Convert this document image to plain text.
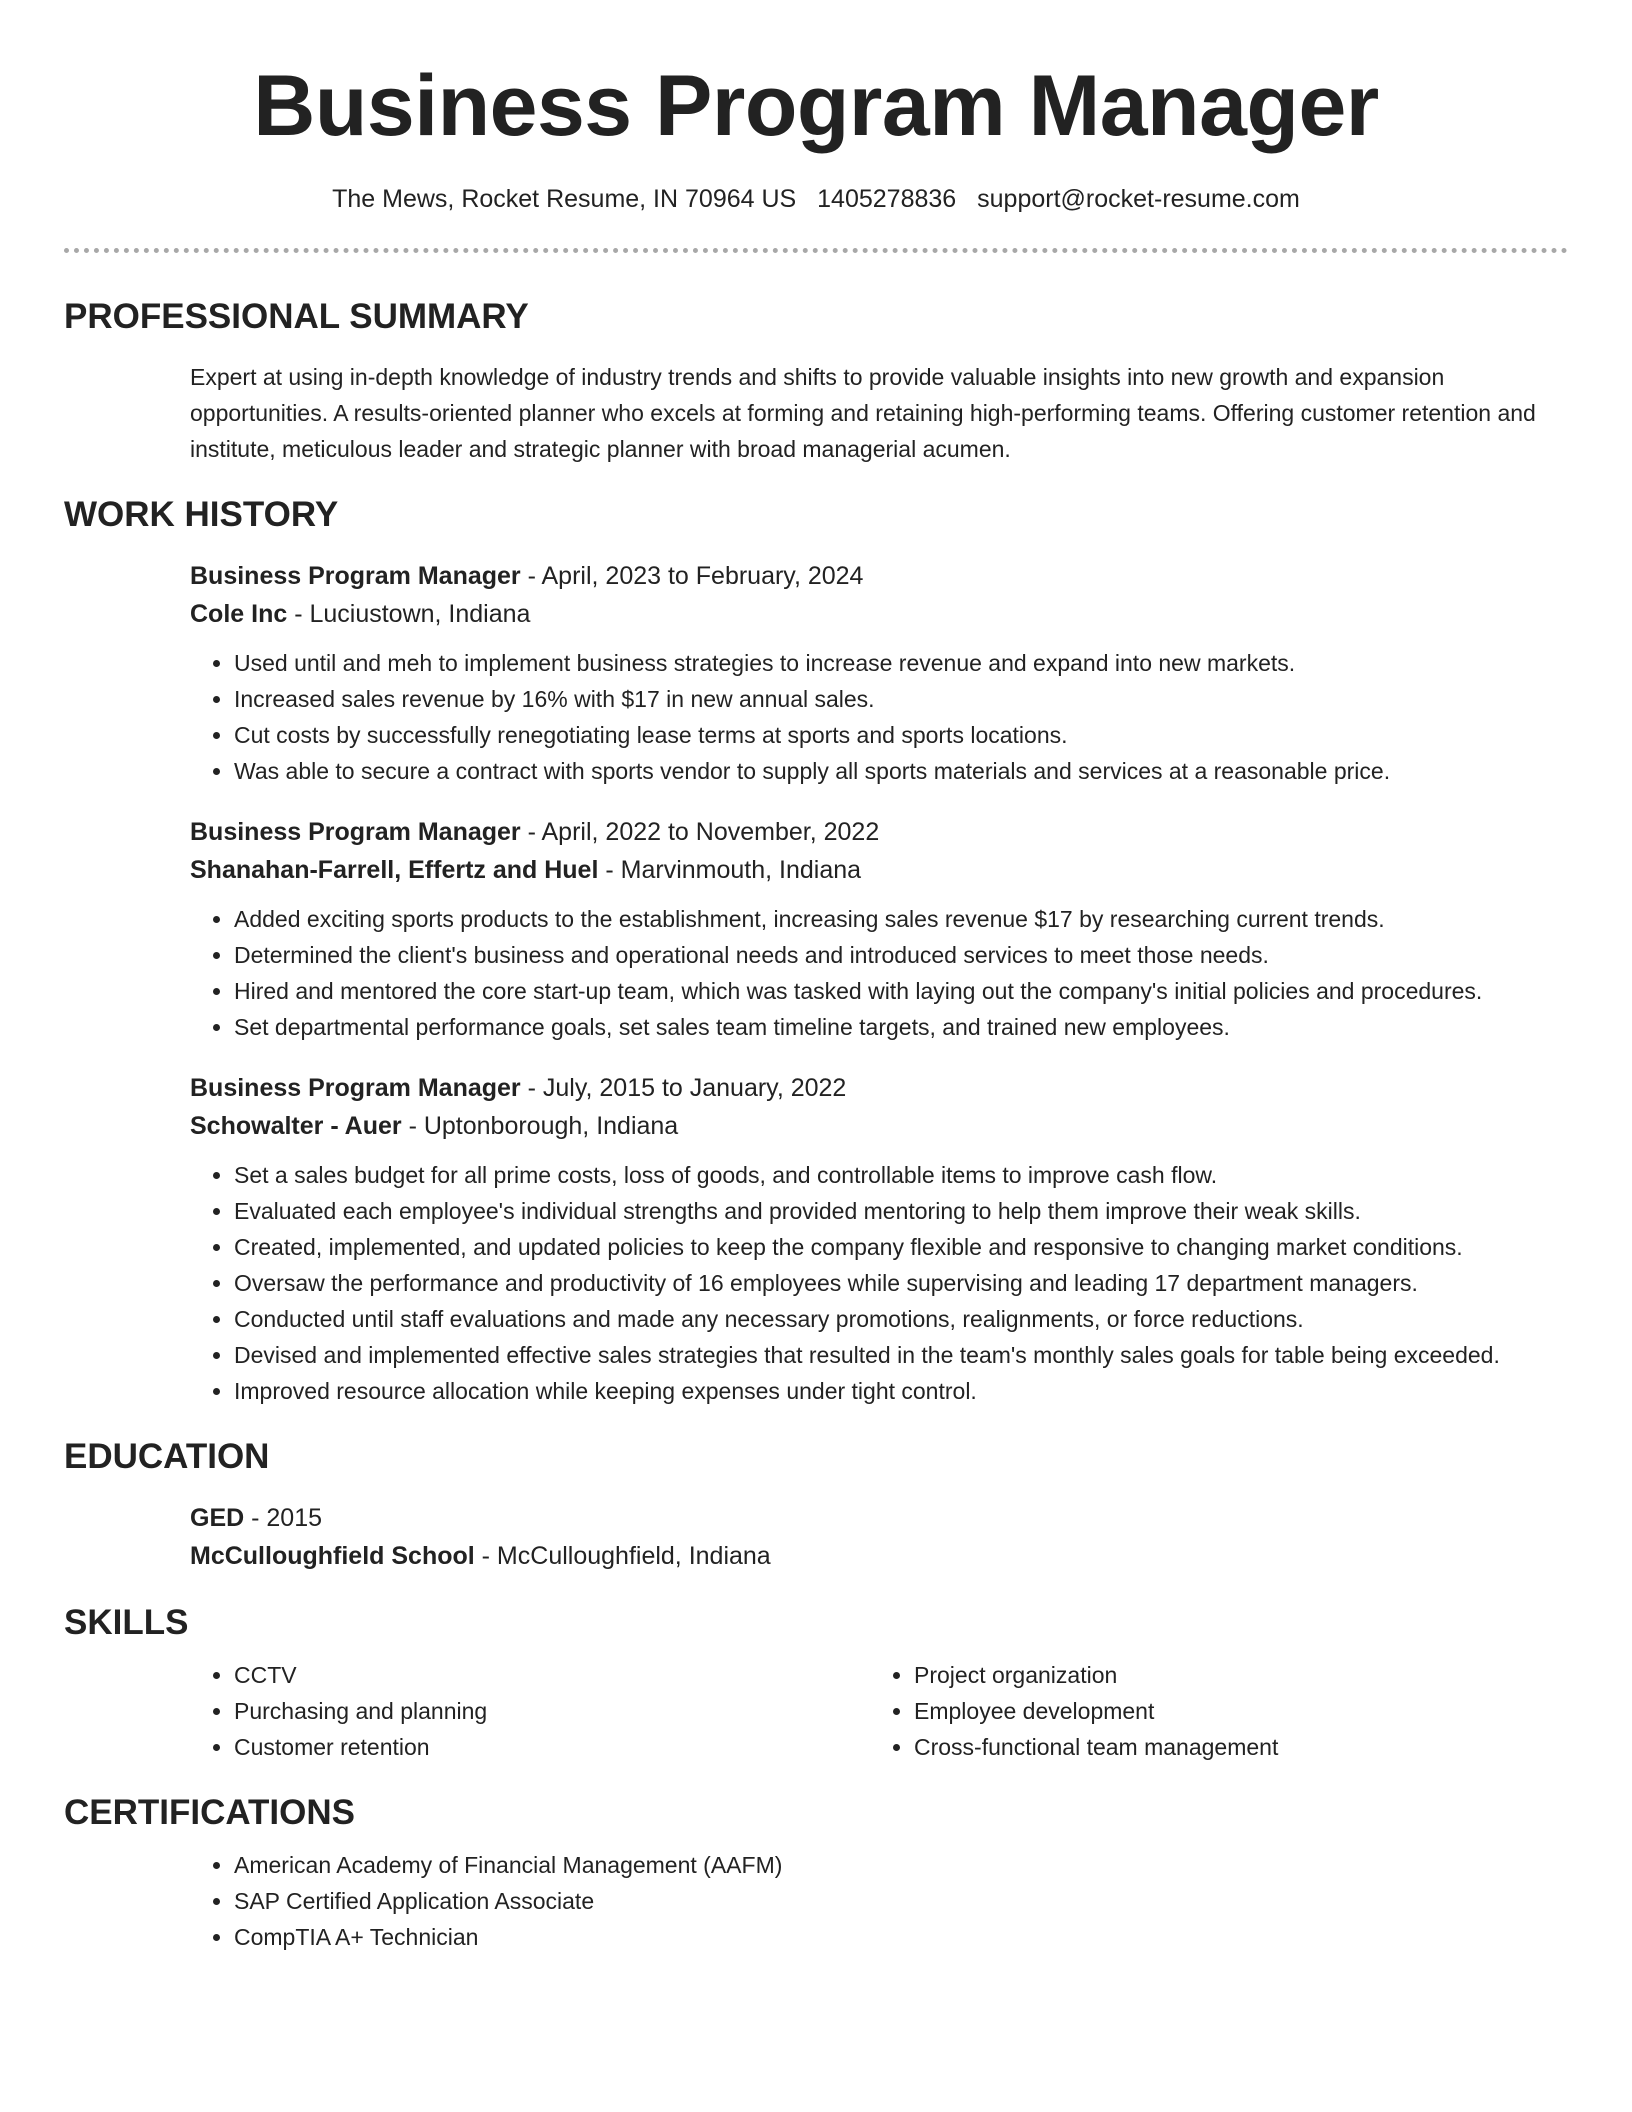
Business Program Manager
The Mews, Rocket Resume, IN 70964 US 1405278836 support@rocket-resume.com
PROFESSIONAL SUMMARY

Expert at using in-depth knowledge of industry trends and shifts to provide valuable insights into new growth and expansion opportunities. A results-oriented planner who excels at forming and retaining high-performing teams. Offering customer retention and institute, meticulous leader and strategic planner with broad managerial acumen.

WORK HISTORY
Business Program Manager - April, 2023 to February, 2024
Cole Inc - Luciustown, Indiana
• Used until and meh to implement business strategies to increase revenue and expand into new markets.
• Increased sales revenue by 16% with $17 in new annual sales.
• Cut costs by successfully renegotiating lease terms at sports and sports locations.
• Was able to secure a contract with sports vendor to supply all sports materials and services at a reasonable price.
Business Program Manager - April, 2022 to November, 2022
Shanahan-Farrell, Effertz and Huel - Marvinmouth, Indiana
• Added exciting sports products to the establishment, increasing sales revenue $17 by researching current trends.
• Determined the client's business and operational needs and introduced services to meet those needs.
• Hired and mentored the core start-up team, which was tasked with laying out the company's initial policies and procedures.
• Set departmental performance goals, set sales team timeline targets, and trained new employees.
Business Program Manager - July, 2015 to January, 2022
Schowalter - Auer - Uptonborough, Indiana
• Set a sales budget for all prime costs, loss of goods, and controllable items to improve cash flow.
• Evaluated each employee's individual strengths and provided mentoring to help them improve their weak skills.
• Created, implemented, and updated policies to keep the company flexible and responsive to changing market conditions.
• Oversaw the performance and productivity of 16 employees while supervising and leading 17 department managers.
• Conducted until staff evaluations and made any necessary promotions, realignments, or force reductions.
• Devised and implemented effective sales strategies that resulted in the team's monthly sales goals for table being exceeded.
• Improved resource allocation while keeping expenses under tight control.
EDUCATION
GED - 2015
McCulloughfield School - McCulloughfield, Indiana
SKILLS
• CCTV
• Purchasing and planning
• Customer retention
• Project organization
• Employee development
• Cross-functional team management
CERTIFICATIONS
• American Academy of Financial Management (AAFM)
• SAP Certified Application Associate
• CompTIA A+ Technician
